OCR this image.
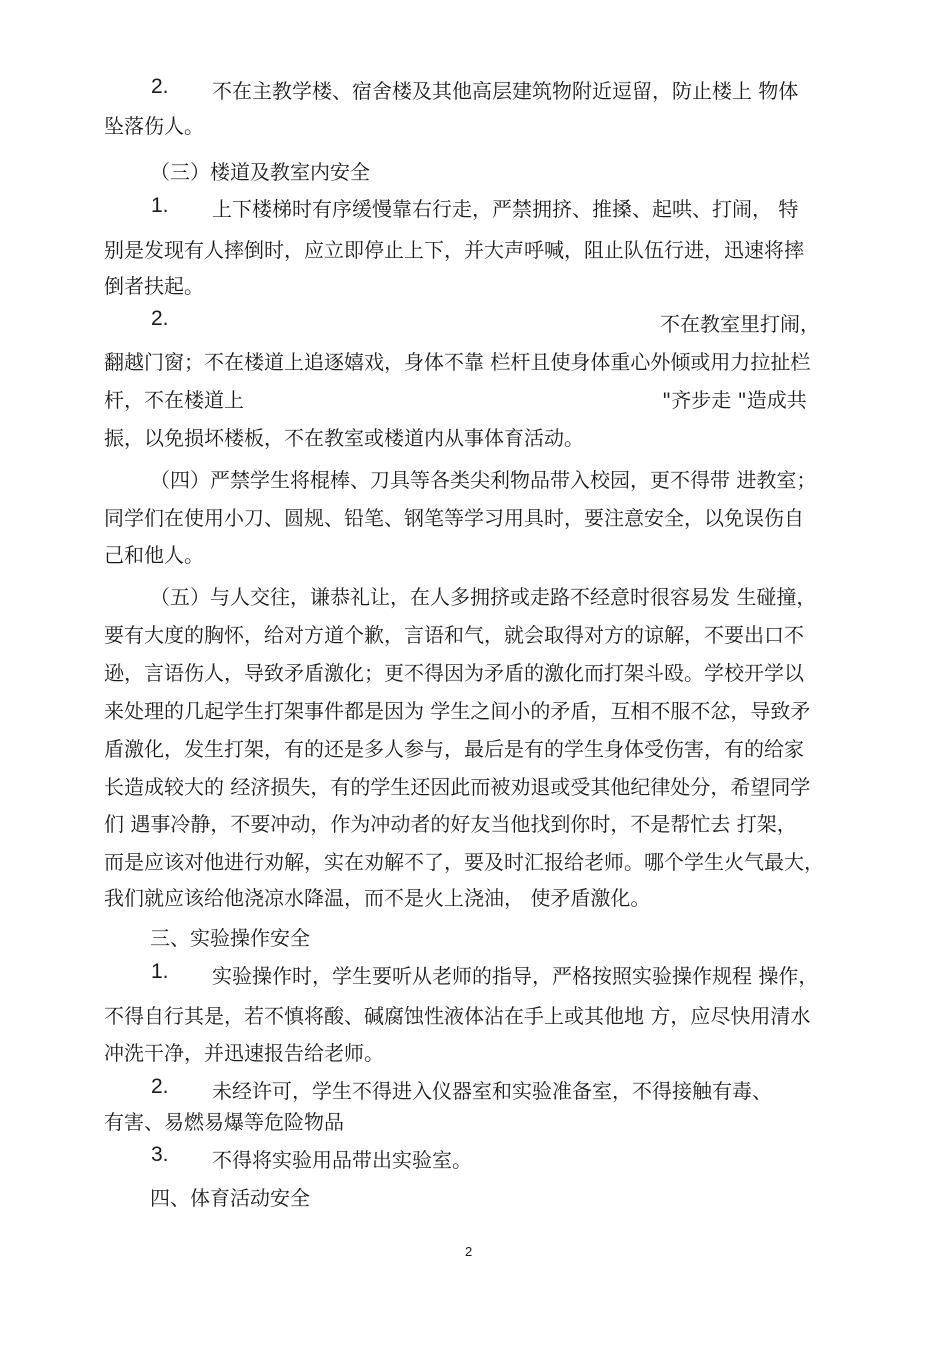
2. 不在主教学楼、宿舍楼及其他高层建筑物附近逗留，防止楼上 物体
坠落伤人。
（三）楼道及教室内安全
1. 上下楼梯时有序缓慢靠右行走，严禁拥挤、推搡、起哄、打闹， 特
别是发现有人摔倒时，应立即停止上下，并大声呼喊，阻止队伍行进，迅速将摔
倒者扶起。
2.	不在教室里打闹，
翻越门窗；不在楼道上追逐嬉戏，身体不靠 栏杆且使身体重心外倾或用力拉扯栏
杆，不在楼道上	"齐步走 "造成共
振，以免损坏楼板，不在教室或楼道内从事体育活动。
（四）严禁学生将棍棒、刀具等各类尖利物品带入校园，更不得带 进教室；
同学们在使用小刀、圆规、铅笔、钢笔等学习用具时，要注意安全，以免误伤自
己和他人。
（五）与人交往，谦恭礼让，在人多拥挤或走路不经意时很容易发 生碰撞，
要有大度的胸怀，给对方道个歉，言语和气，就会取得对方的谅解，不要出口不
逊，言语伤人，导致矛盾激化；更不得因为矛盾的激化而打架斗殴。学校开学以
来处理的几起学生打架事件都是因为 学生之间小的矛盾，互相不服不忿，导致矛
盾激化，发生打架，有的还是多人参与，最后是有的学生身体受伤害，有的给家
长造成较大的 经济损失，有的学生还因此而被劝退或受其他纪律处分，希望同学
们 遇事冷静，不要冲动，作为冲动者的好友当他找到你时，不是帮忙去 打架，
而是应该对他进行劝解，实在劝解不了，要及时汇报给老师。哪个学生火气最大，
我们就应该给他浇凉水降温，而不是火上浇油， 使矛盾激化。
三、实验操作安全
1. 实验操作时，学生要听从老师的指导，严格按照实验操作规程 操作，
不得自行其是，若不慎将酸、碱腐蚀性液体沾在手上或其他地 方，应尽快用清水
冲洗干净，并迅速报告给老师。
2. 未经许可，学生不得进入仪器室和实验准备室，不得接触有毒、
有害、易燃易爆等危险物品
3. 不得将实验用品带出实验室。
四、体育活动安全
2
